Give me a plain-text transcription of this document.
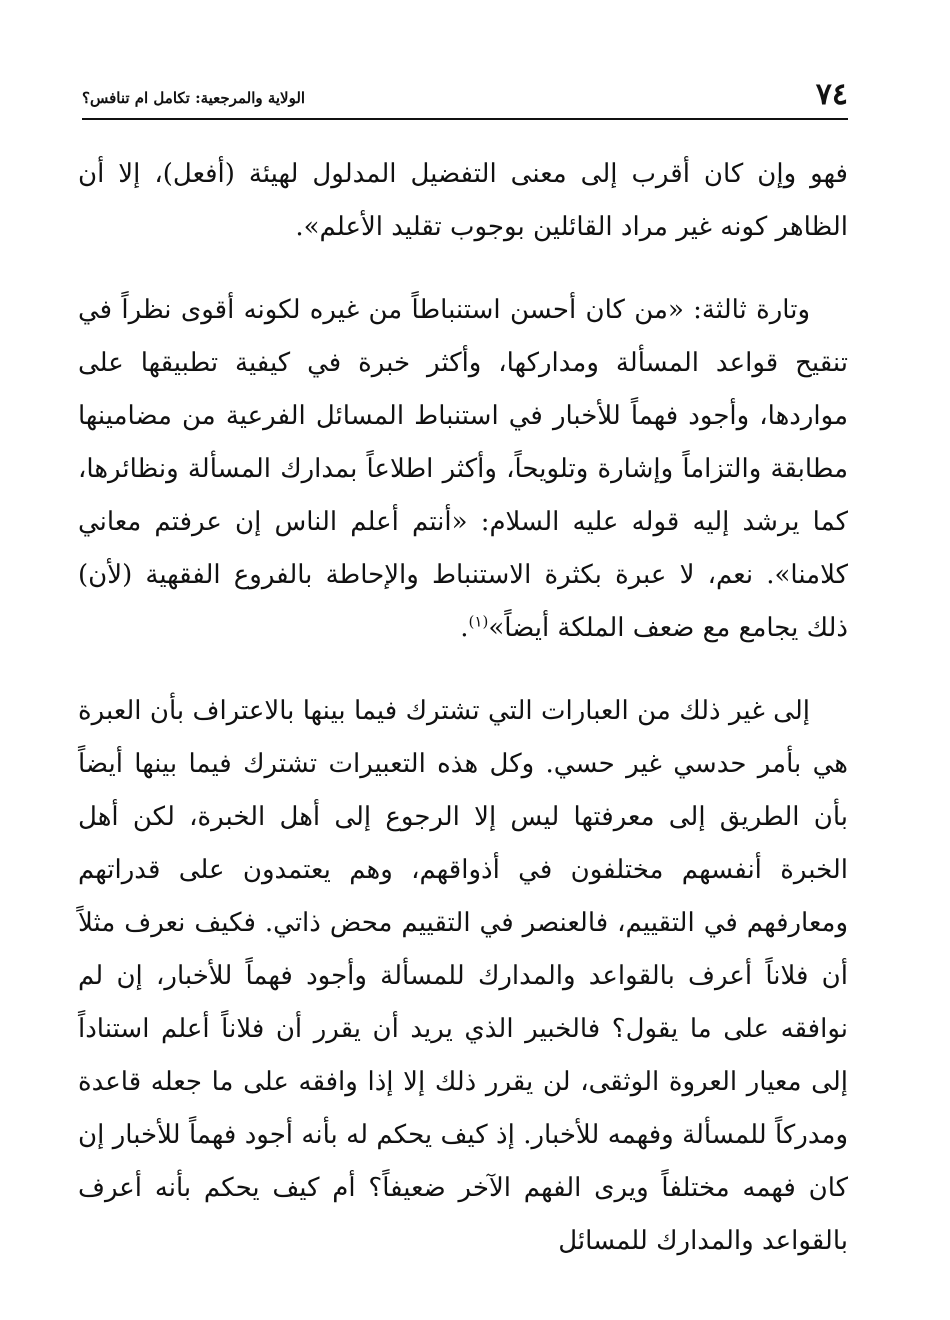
٧٤
الولاية والمرجعية: تكامل ام تنافس؟

فهو وإن كان أقرب إلى معنى التفضيل المدلول لهيئة (أفعل)، إلا أن الظاهر كونه غير مراد القائلين بوجوب تقليد الأعلم».

وتارة ثالثة: «من كان أحسن استنباطاً من غيره لكونه أقوى نظراً في تنقيح قواعد المسألة ومداركها، وأكثر خبرة في كيفية تطبيقها على مواردها، وأجود فهماً للأخبار في استنباط المسائل الفرعية من مضامينها مطابقة والتزاماً وإشارة وتلويحاً، وأكثر اطلاعاً بمدارك المسألة ونظائرها، كما يرشد إليه قوله عليه السلام: «أنتم أعلم الناس إن عرفتم معاني كلامنا». نعم، لا عبرة بكثرة الاستنباط والإحاطة بالفروع الفقهية (لأن) ذلك يجامع مع ضعف الملكة أيضاً»$^{(١)}$.

إلى غير ذلك من العبارات التي تشترك فيما بينها بالاعتراف بأن العبرة هي بأمر حدسي غير حسي. وكل هذه التعبيرات تشترك فيما بينها أيضاً بأن الطريق إلى معرفتها ليس إلا الرجوع إلى أهل الخبرة، لكن أهل الخبرة أنفسهم مختلفون في أذواقهم، وهم يعتمدون على قدراتهم ومعارفهم في التقييم، فالعنصر في التقييم محض ذاتي. فكيف نعرف مثلاً أن فلاناً أعرف بالقواعد والمدارك للمسألة وأجود فهماً للأخبار، إن لم نوافقه على ما يقول؟ فالخبير الذي يريد أن يقرر أن فلاناً أعلم استناداً إلى معيار العروة الوثقى، لن يقرر ذلك إلا إذا وافقه على ما جعله قاعدة ومدركاً للمسألة وفهمه للأخبار. إذ كيف يحكم له بأنه أجود فهماً للأخبار إن كان فهمه مختلفاً ويرى الفهم الآخر ضعيفاً؟ أم كيف يحكم بأنه أعرف بالقواعد والمدارك للمسائل
